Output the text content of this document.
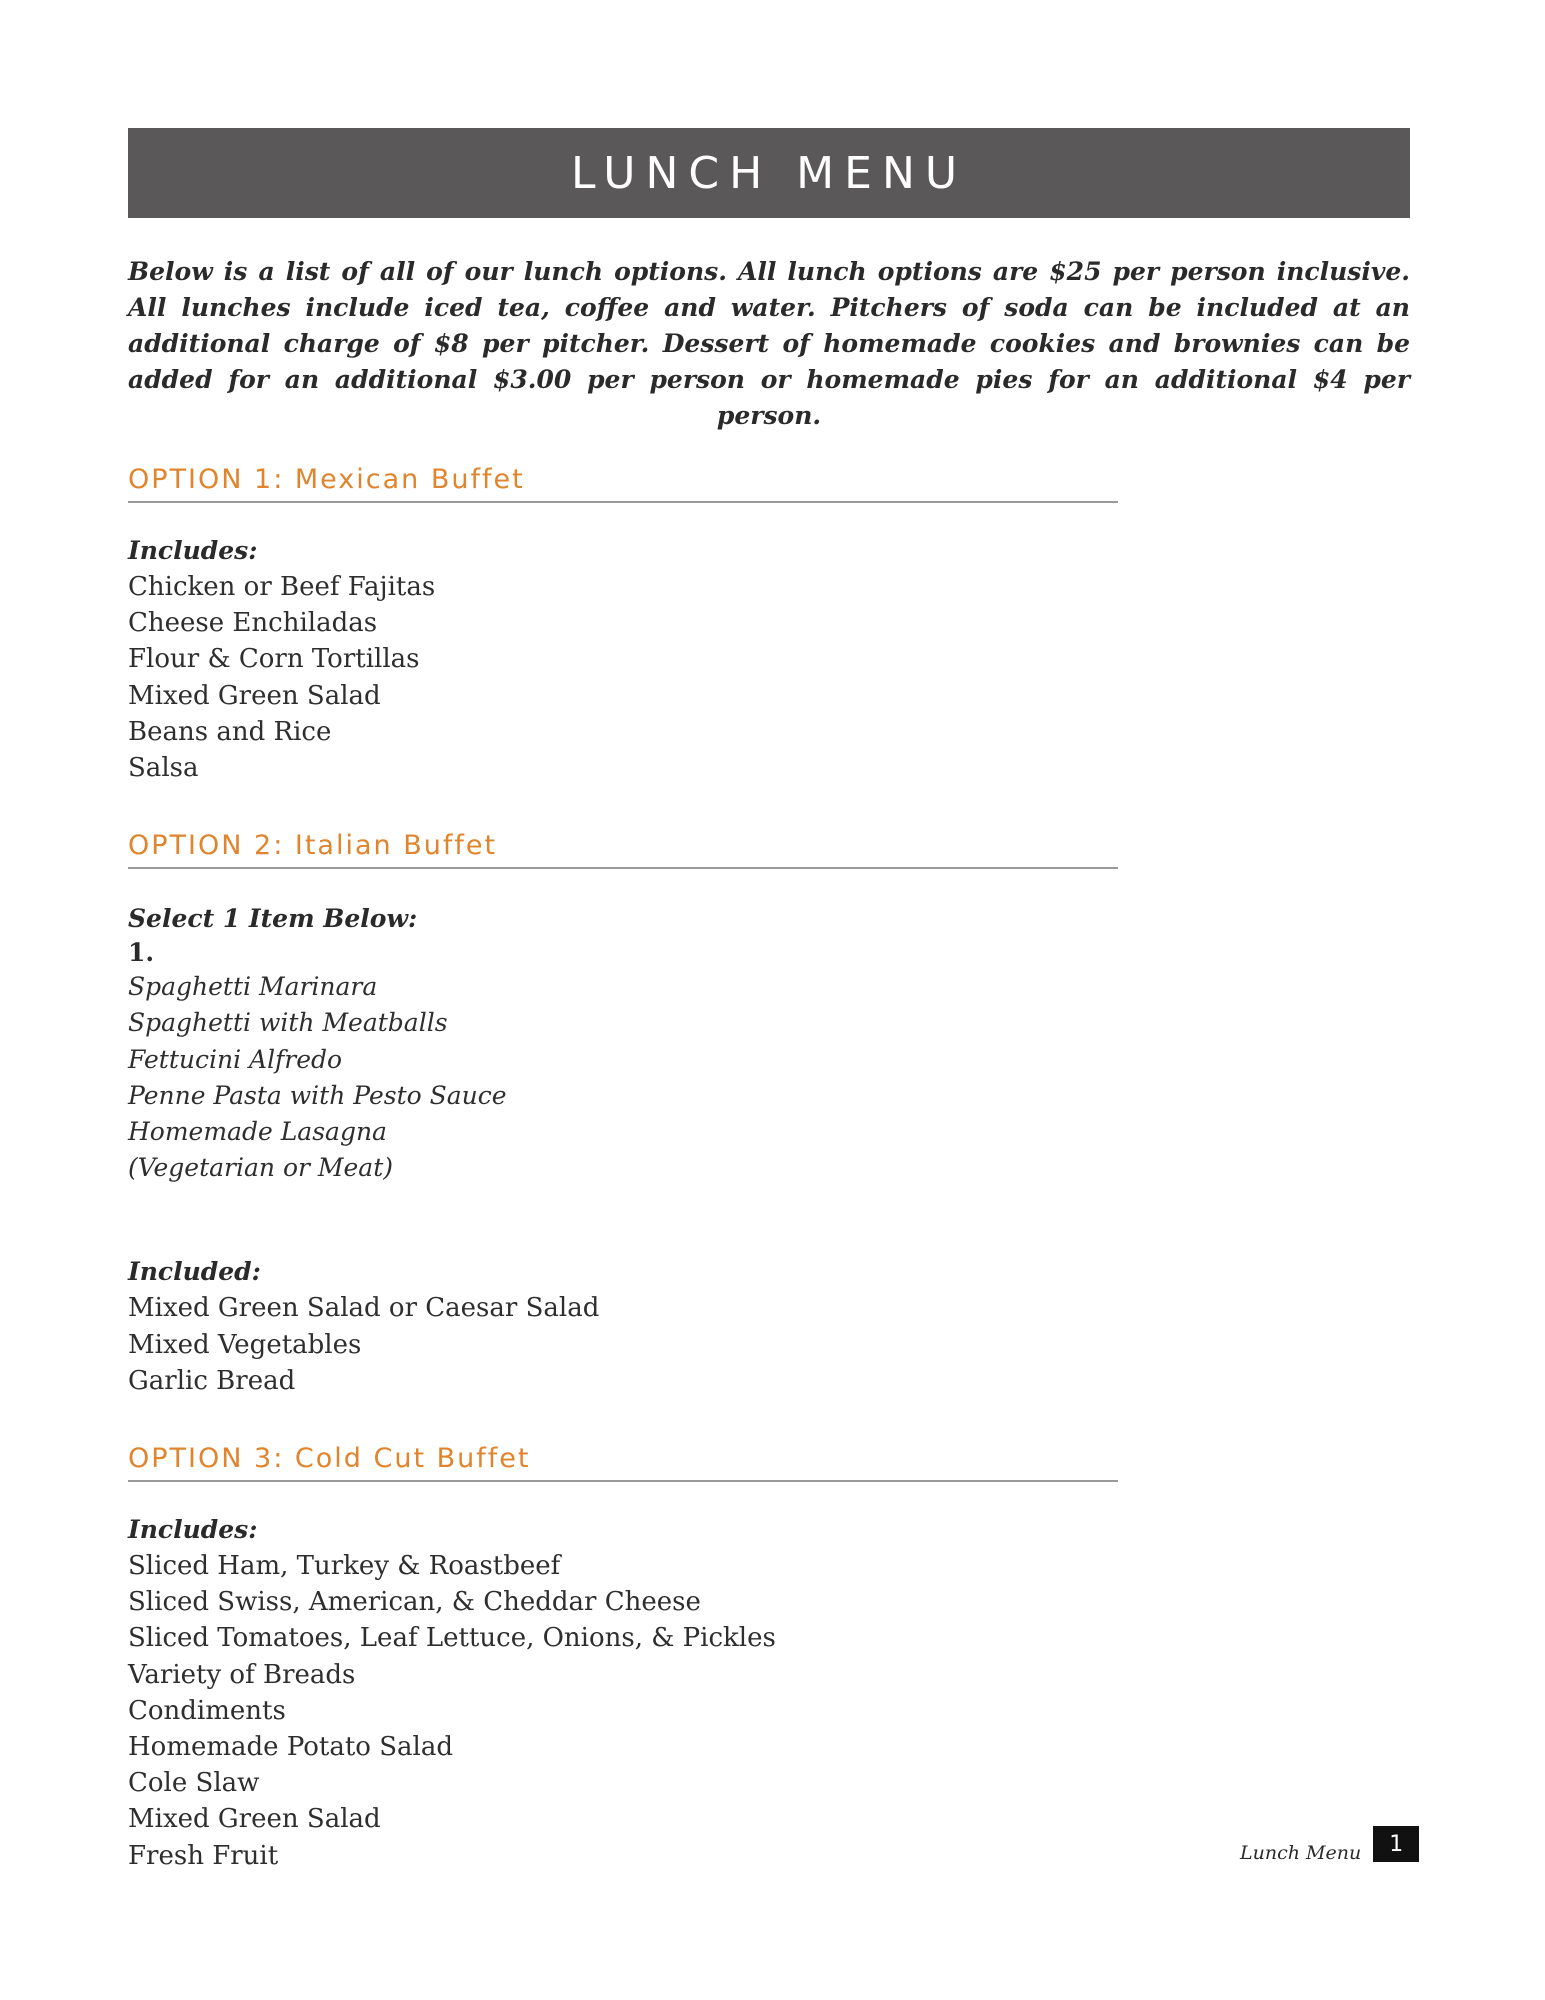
LUNCH MENU

Below is a list of all of our lunch options. All lunch options are $25 per person inclusive. All lunches include iced tea, coffee and water. Pitchers of soda can be included at an additional charge of $8 per pitcher. Dessert of homemade cookies and brownies can be added for an additional $3.00 per person or homemade pies for an additional $4 per person.

OPTION 1: Mexican Buffet

Includes:

Chicken or Beef Fajitas
Cheese Enchiladas
Flour & Corn Tortillas
Mixed Green Salad
Beans and Rice
Salsa
OPTION 2: Italian Buffet

Select 1 Item Below:

1.

Spaghetti Marinara
Spaghetti with Meatballs
Fettucini Alfredo
Penne Pasta with Pesto Sauce
Homemade Lasagna
(Vegetarian or Meat)

Included:

Mixed Green Salad or Caesar Salad
Mixed Vegetables
Garlic Bread
OPTION 3: Cold Cut Buffet

Includes:

Sliced Ham, Turkey & Roastbeef
Sliced Swiss, American, & Cheddar Cheese
Sliced Tomatoes, Leaf Lettuce, Onions, & Pickles
Variety of Breads
Condiments
Homemade Potato Salad
Cole Slaw
Mixed Green Salad
Fresh Fruit	Lunch Menu	1
